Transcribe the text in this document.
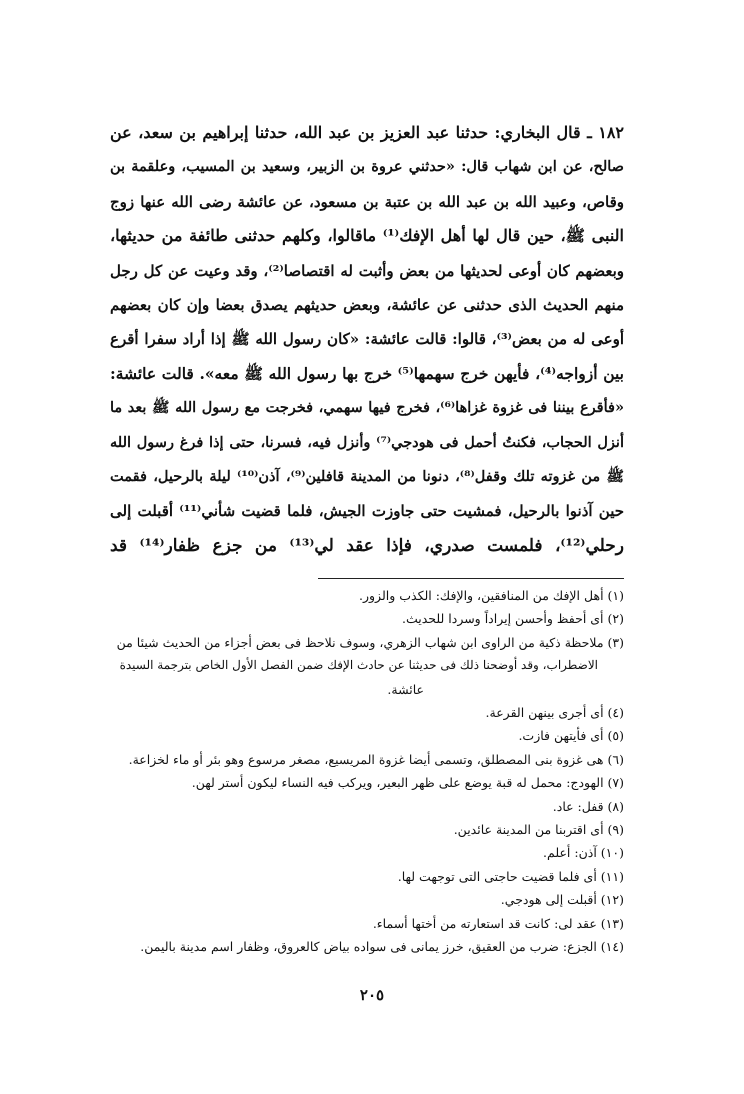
١٨٢ ـ قال البخاري: حدثنا عبد العزيز بن عبد الله، حدثنا إبراهيم بن سعد، عن
صالح، عن ابن شهاب قال: «حدثني عروة بن الزبير، وسعيد بن المسيب، وعلقمة بن
وقاص، وعبيد الله بن عبد الله بن عتبة بن مسعود، عن عائشة رضى الله عنها زوج
النبى ﷺ، حين قال لها أهل الإفك⁽¹⁾ ماقالوا، وكلهم حدثنى طائفة من حديثها،
وبعضهم كان أوعى لحديثها من بعض وأثبت له اقتصاصا⁽²⁾، وقد وعيت عن كل رجل
منهم الحديث الذى حدثنى عن عائشة، وبعض حديثهم يصدق بعضا وإن كان بعضهم
أوعى له من بعض⁽³⁾، قالوا: قالت عائشة: «كان رسول الله ﷺ إذا أراد سفرا أقرع
بين أزواجه⁽⁴⁾، فأيهن خرج سهمها⁽⁵⁾ خرج بها رسول الله ﷺ معه». قالت عائشة:
«فأقرع بيننا فى غزوة غزاها⁽⁶⁾، فخرج فيها سهمي، فخرجت مع رسول الله ﷺ بعد ما
أنزل الحجاب، فكنتُ أحمل فى هودجي⁽⁷⁾ وأنزل فيه، فسرنا، حتى إذا فرغ رسول الله
ﷺ من غزوته تلك وقفل⁽⁸⁾، دنونا من المدينة قافلين⁽⁹⁾، آذن⁽¹⁰⁾ ليلة بالرحيل، فقمت
حين آذنوا بالرحيل، فمشيت حتى جاوزت الجيش، فلما قضيت شأني⁽¹¹⁾ أقبلت إلى
رحلي⁽¹²⁾، فلمست صدري، فإذا عقد لي⁽¹³⁾ من جزع ظفار⁽¹⁴⁾ قد
(١) أهل الإفك من المنافقين، والإفك: الكذب والزور.
(٢) أى أحفظ وأحسن إيراداً وسردا للحديث.
(٣) ملاحظة ذكية من الراوى ابن شهاب الزهري، وسوف نلاحظ فى بعض أجزاء من الحديث شيئا من
الاضطراب، وقد أوضحنا ذلك فى حديثنا عن حادث الإفك ضمن الفصل الأول الخاص بترجمة السيدة
عائشة.
(٤) أى أجرى بينهن القرعة.
(٥) أى فأيتهن فازت.
(٦) هى غزوة بنى المصطلق، وتسمى أيضا غزوة المريسيع، مصغر مرسوع وهو بئر أو ماء لخزاعة.
(٧) الهودج: محمل له قبة يوضع على ظهر البعير، ويركب فيه النساء ليكون أستر لهن.
(٨) قفل: عاد.
(٩) أى اقتربنا من المدينة عائدين.
(١٠) آذن: أعلم.
(١١) أى فلما قضيت حاجتى التى توجهت لها.
(١٢) أقبلت إلى هودجي.
(١٣) عقد لى: كانت قد استعارته من أختها أسماء.
(١٤) الجزع: ضرب من العقيق، خرز يمانى فى سواده بياض كالعروق، وظفار اسم مدينة باليمن.
٢٠٥
